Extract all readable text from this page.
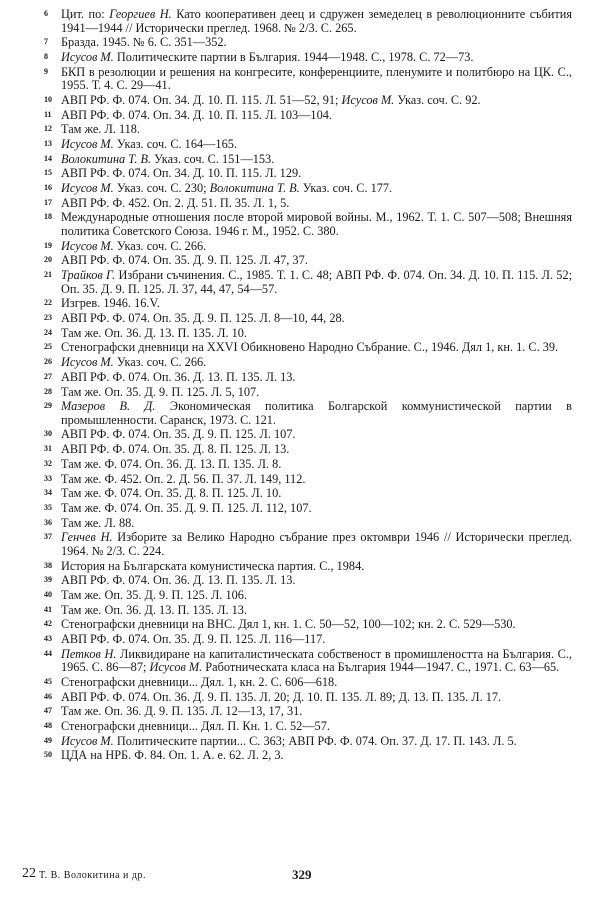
6	Цит. по: Георгиев Н. Като кооперативен деец и сдружен земеделец в революционните събития 1941—1944 // Исторически преглед. 1968. № 2/3. С. 265.
7	Бразда. 1945. № 6. С. 351—352.
8	Исусов М. Политическите партии в България. 1944—1948. С., 1978. С. 72—73.
9	БКП в резолюции и решения на конгресите, конференциите, пленумите и политбюро на ЦК. С., 1955. Т. 4. С. 29—41.
10 АВП РФ. Ф. 074. Оп. 34. Д. 10. П. 115. Л. 51—52, 91; Исусов М. Указ. соч. С. 92.
11 АВП РФ. Ф. 074. Оп. 34. Д. 10. П. 115. Л. 103—104.
12 Там же. Л. 118.
13 Исусов М. Указ. соч. С. 164—165.
14 Волокитина Т. В. Указ. соч. С. 151—153.
15 АВП РФ. Ф. 074. Оп. 34. Д. 10. П. 115. Л. 129.
16 Исусов М. Указ. соч. С. 230; Волокитина Т. В. Указ. соч. С. 177.
17 АВП РФ. Ф. 452. Оп. 2. Д. 51. П. 35. Л. 1, 5.
18 Международные отношения после второй мировой войны. М., 1962. Т. 1. С. 507—508; Внешняя политика Советского Союза. 1946 г. М., 1952. С. 380.
19 Исусов М. Указ. соч. С. 266.
20 АВП РФ. Ф. 074. Оп. 35. Д. 9. П. 125. Л. 47, 37.
21 Трайков Г. Избрани съчинения. С., 1985. Т. 1. С. 48; АВП РФ. Ф. 074. Оп. 34. Д. 10. П. 115. Л. 52; Оп. 35. Д. 9. П. 125. Л. 37, 44, 47, 54—57.
22 Изгрев. 1946. 16.V.
23 АВП РФ. Ф. 074. Оп. 35. Д. 9. П. 125. Л. 8—10, 44, 28.
24 Там же. Оп. 36. Д. 13. П. 135. Л. 10.
25 Стенографски дневници на XXVI Обикновено Народно Събрание. С., 1946. Дял 1, кн. 1. С. 39.
26 Исусов М. Указ. соч. С. 266.
27 АВП РФ. Ф. 074. Оп. 36. Д. 13. П. 135. Л. 13.
28 Там же. Оп. 35. Д. 9. П. 125. Л. 5, 107.
29 Мазеров В. Д. Экономическая политика Болгарской коммунистической партии в промышленности. Саранск, 1973. С. 121.
30 АВП РФ. Ф. 074. Оп. 35. Д. 9. П. 125. Л. 107.
31 АВП РФ. Ф. 074. Оп. 35. Д. 8. П. 125. Л. 13.
32 Там же. Ф. 074. Оп. 36. Д. 13. П. 135. Л. 8.
33 Там же. Ф. 452. Оп. 2. Д. 56. П. 37. Л. 149, 112.
34 Там же. Ф. 074. Оп. 35. Д. 8. П. 125. Л. 10.
35 Там же. Ф. 074. Оп. 35. Д. 9. П. 125. Л. 112, 107.
36 Там же. Л. 88.
37 Генчев Н. Изборите за Велико Народно събрание през октомври 1946 // Исторически преглед. 1964. № 2/3. С. 224.
38 История на Българската комунистическа партия. С., 1984.
39 АВП РФ. Ф. 074. Оп. 36. Д. 13. П. 135. Л. 13.
40 Там же. Оп. 35. Д. 9. П. 125. Л. 106.
41 Там же. Оп. 36. Д. 13. П. 135. Л. 13.
42 Стенографски дневници на ВНС. Дял 1, кн. 1. С. 50—52, 100—102; кн. 2. С. 529—530.
43 АВП РФ. Ф. 074. Оп. 35. Д. 9. П. 125. Л. 116—117.
44 Петков Н. Ликвидиране на капиталистическата собственост в промишлеността на България. С., 1965. С. 86—87; Исусов М. Работническата класа на България 1944—1947. С., 1971. С. 63—65.
45 Стенографски дневници... Дял. 1, кн. 2. С. 606—618.
46 АВП РФ. Ф. 074. Оп. 36. Д. 9. П. 135. Л. 20; Д. 10. П. 135. Л. 89; Д. 13. П. 135. Л. 17.
47 Там же. Оп. 36. Д. 9. П. 135. Л. 12—13, 17, 31.
48 Стенографски дневници... Дял. П. Кн. 1. С. 52—57.
49 Исусов М. Политическите партии... С. 363; АВП РФ. Ф. 074. Оп. 37. Д. 17. П. 143. Л. 5.
50 ЦДА на НРБ. Ф. 84. Оп. 1. А. е. 62. Л. 2, 3.
22 Т. В. Волокитина и др.	329
